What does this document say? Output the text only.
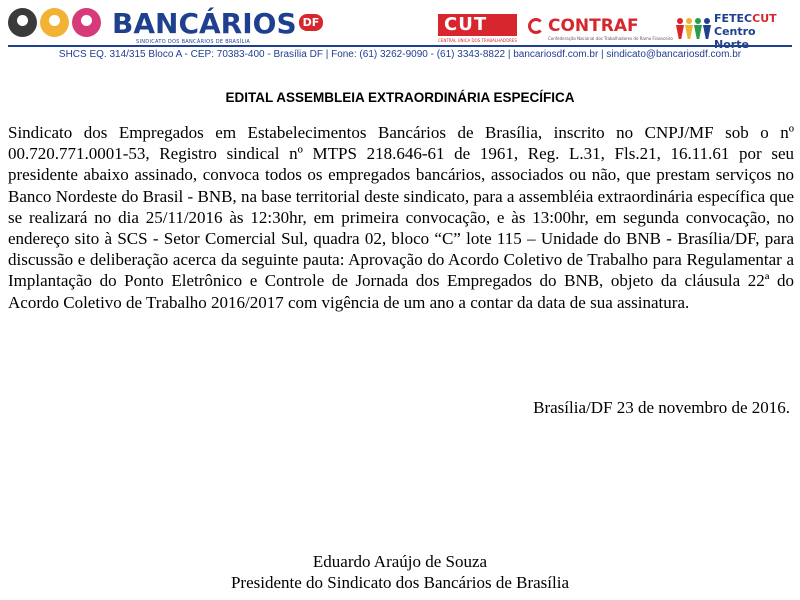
BANCÁRIOS DF
SINDICATO DOS BANCÁRIOS DE BRASÍLIA
CUT
CENTRAL ÚNICA DOS TRABALHADORES
CONTRAF
Confederação Nacional dos Trabalhadores do Ramo Financeiro
FETECCUT
Centro
SHCS EQ. 314/315 Bloco A - CEP: 70383-400 - Brasília DF | Fone: (61) 3262-9090 - (61) 3343-8822 | bancariosdf.com.br | sindicato@bancariosdf.com.br
EDITAL ASSEMBLEIA EXTRAORDINÁRIA ESPECÍFICA

Sindicato dos Empregados em Estabelecimentos Bancários de Brasília, inscrito no CNPJ/MF sob o nº 00.720.771.0001-53, Registro sindical nº MTPS 218.646-61 de 1961, Reg. L.31, Fls.21, 16.11.61 por seu presidente abaixo assinado, convoca todos os empregados bancários, associados ou não, que prestam serviços no Banco Nordeste do Brasil - BNB, na base territorial deste sindicato, para a assembléia extraordinária específica que se realizará no dia 25/11/2016 às 12:30hr, em primeira convocação, e às 13:00hr, em segunda convocação, no endereço sito à SCS - Setor Comercial Sul, quadra 02, bloco “C” lote 115 – Unidade do BNB - Brasília/DF, para discussão e deliberação acerca da seguinte pauta: Aprovação do Acordo Coletivo de Trabalho para Regulamentar a Implantação do Ponto Eletrônico e Controle de Jornada dos Empregados do BNB, objeto da cláusula 22ª do Acordo Coletivo de Trabalho 2016/2017 com vigência de um ano a contar da data de sua assinatura.

Brasília/DF 23 de novembro de 2016.
Eduardo Araújo de Souza
Presidente do Sindicato dos Bancários de Brasília
